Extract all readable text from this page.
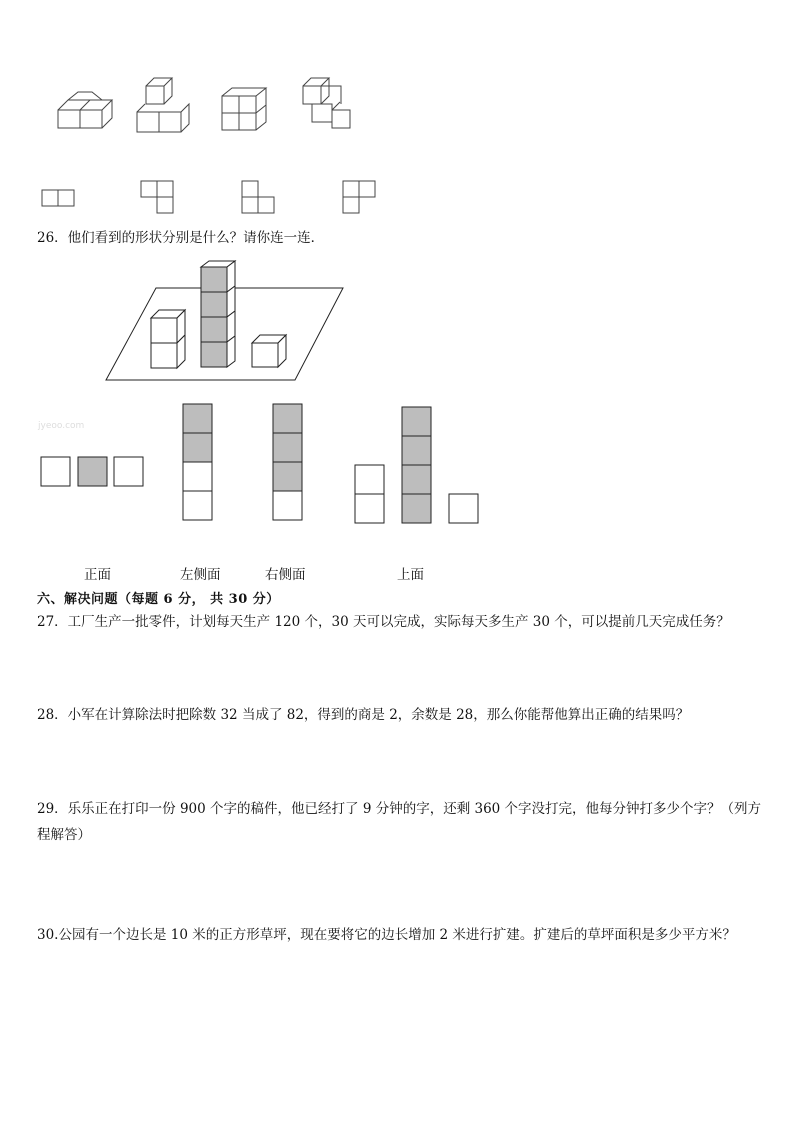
26．他们看到的形状分别是什么？请你连一连．
jyeoo.com
正面	左侧面	右侧面	上面
六、解决问题（每题 6 分， 共 30 分）
27．工厂生产一批零件，计划每天生产 120 个，30 天可以完成，实际每天多生产 30 个，可以提前几天完成任务？
28．小军在计算除法时把除数 32 当成了 82，得到的商是 2，余数是 28，那么你能帮他算出正确的结果吗？
29．乐乐正在打印一份 900 个字的稿件，他已经打了 9 分钟的字，还剩 360 个字没打完，他每分钟打多少个字？（列方程解答）
30.公园有一个边长是 10 米的正方形草坪，现在要将它的边长增加 2 米进行扩建。扩建后的草坪面积是多少平方米？
